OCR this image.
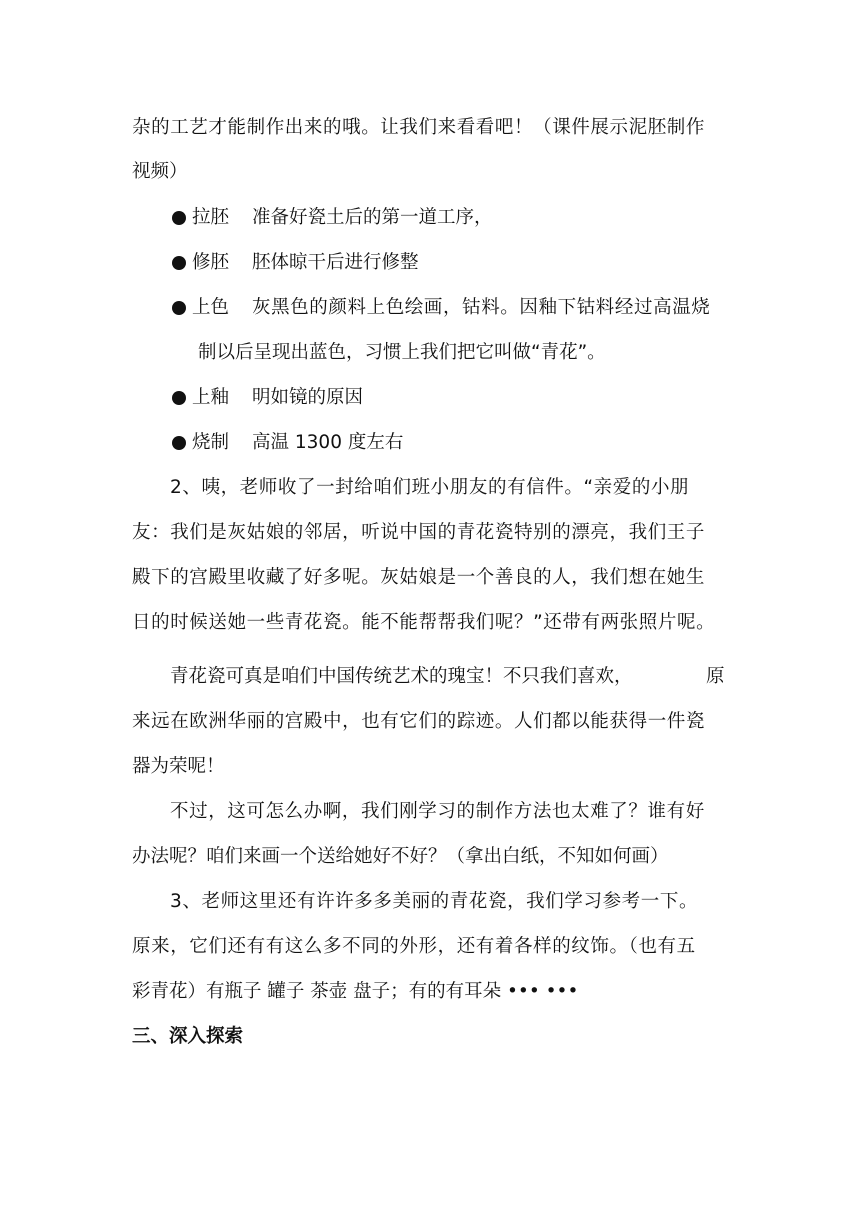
杂的工艺才能制作出来的哦。让我们来看看吧！（课件展示泥胚制作
视频）
拉胚 准备好瓷土后的第一道工序，
修胚 胚体晾干后进行修整
上色 灰黑色的颜料上色绘画，钴料。因釉下钴料经过高温烧
制以后呈现出蓝色，习惯上我们把它叫做“青花”。
上釉 明如镜的原因
烧制 高温 1300 度左右
2、咦，老师收了一封给咱们班小朋友的有信件。“亲爱的小朋
友：我们是灰姑娘的邻居，听说中国的青花瓷特别的漂亮，我们王子
殿下的宫殿里收藏了好多呢。灰姑娘是一个善良的人，我们想在她生
日的时候送她一些青花瓷。能不能帮帮我们呢？”还带有两张照片呢。
青花瓷可真是咱们中国传统艺术的瑰宝！不只我们喜欢，	原
来远在欧洲华丽的宫殿中，也有它们的踪迹。人们都以能获得一件瓷
器为荣呢！
不过，这可怎么办啊，我们刚学习的制作方法也太难了？谁有好
办法呢？咱们来画一个送给她好不好？（拿出白纸，不知如何画）
3、老师这里还有许许多多美丽的青花瓷，我们学习参考一下。
原来，它们还有有这么多不同的外形，还有着各样的纹饰。（也有五
彩青花）有瓶子 罐子 茶壶 盘子；有的有耳朵 ••• •••
三、深入探索
